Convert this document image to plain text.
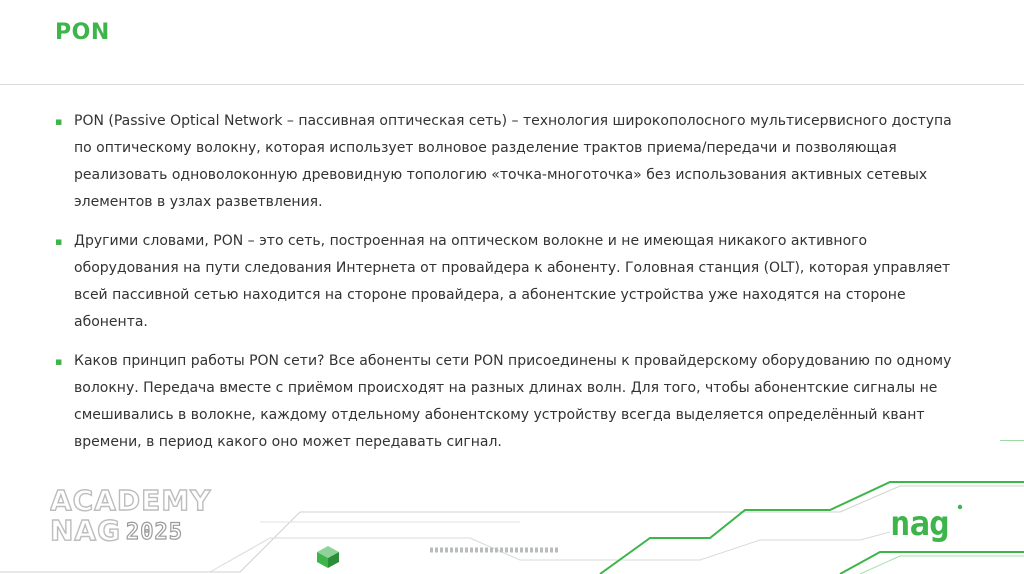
PON
▪ PON (Passive Optical Network – пассивная оптическая сеть) – технология широкополосного мультисервисного доступа по оптическому волокну, которая использует волновое разделение трактов приема/передачи и позволяющая реализовать одноволоконную древовидную топологию «точка-многоточка» без использования активных сетевых элементов в узлах разветвления.
▪ Другими словами, PON – это сеть, построенная на оптическом волокне и не имеющая никакого активного оборудования на пути следования Интернета от провайдера к абоненту. Головная станция (OLT), которая управляет всей пассивной сетью находится на стороне провайдера, а абонентские устройства уже находятся на стороне абонента.
▪ Каков принцип работы PON сети? Все абоненты сети PON присоединены к провайдерскому оборудованию по одному волокну. Передача вместе с приёмом происходят на разных длинах волн. Для того, чтобы абонентские сигналы не смешивались в волокне, каждому отдельному абонентскому устройству всегда выделяется определённый квант времени, в период какого оно может передавать сигнал.
ACADEMY
NAG 2025	nag
